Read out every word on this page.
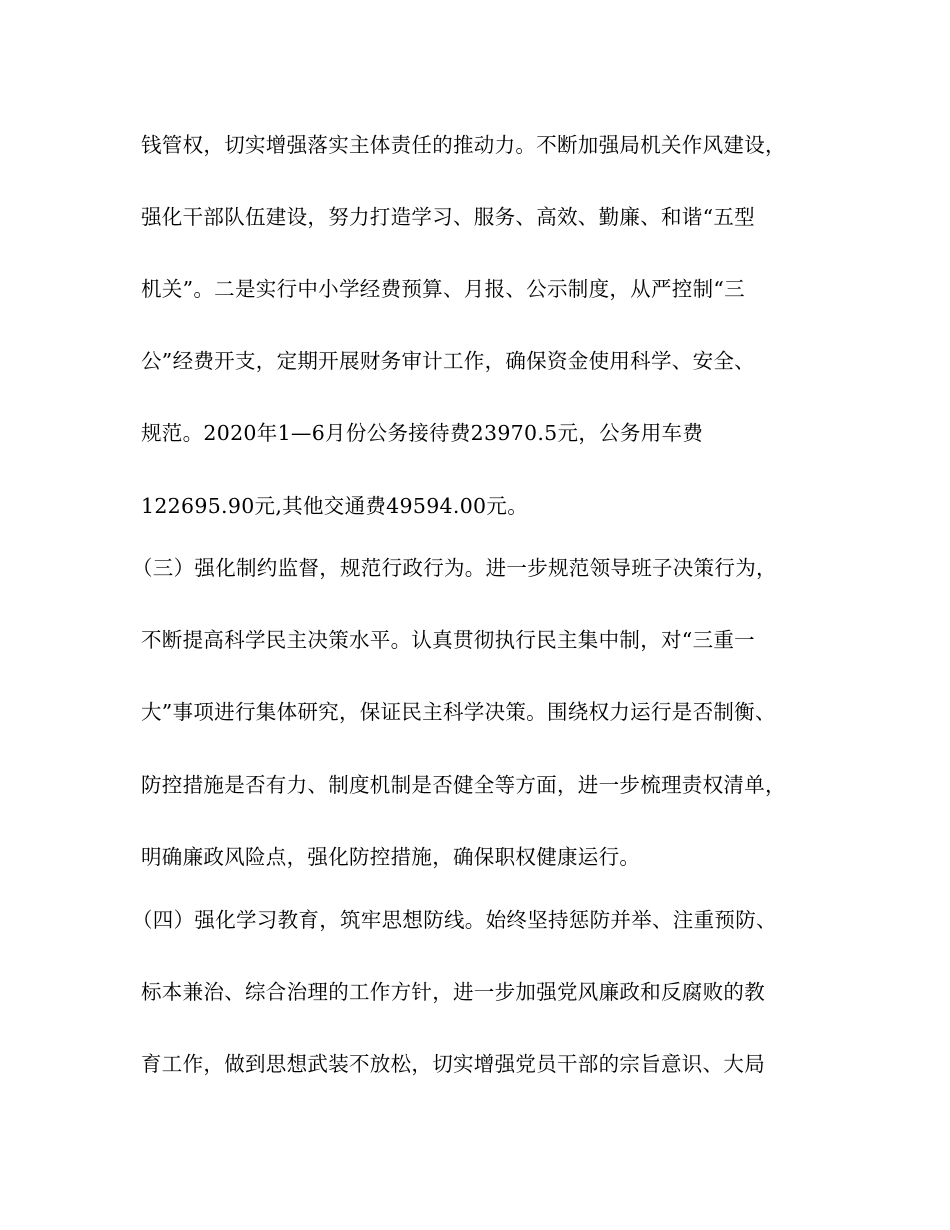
钱管权，切实增强落实主体责任的推动力。不断加强局机关作风建设，
强化干部队伍建设，努力打造学习、服务、高效、勤廉、和谐“五型
机关”。二是实行中小学经费预算、月报、公示制度，从严控制“三
公”经费开支，定期开展财务审计工作，确保资金使用科学、安全、
规范。2020年1—6月份公务接待费23970.5元，公务用车费
122695.90元,其他交通费49594.00元。
（三）强化制约监督，规范行政行为。进一步规范领导班子决策行为，
不断提高科学民主决策水平。认真贯彻执行民主集中制，对“三重一
大”事项进行集体研究，保证民主科学决策。围绕权力运行是否制衡、
防控措施是否有力、制度机制是否健全等方面，进一步梳理责权清单，
明确廉政风险点，强化防控措施，确保职权健康运行。
（四）强化学习教育，筑牢思想防线。始终坚持惩防并举、注重预防、
标本兼治、综合治理的工作方针，进一步加强党风廉政和反腐败的教
育工作，做到思想武装不放松，切实增强党员干部的宗旨意识、大局
